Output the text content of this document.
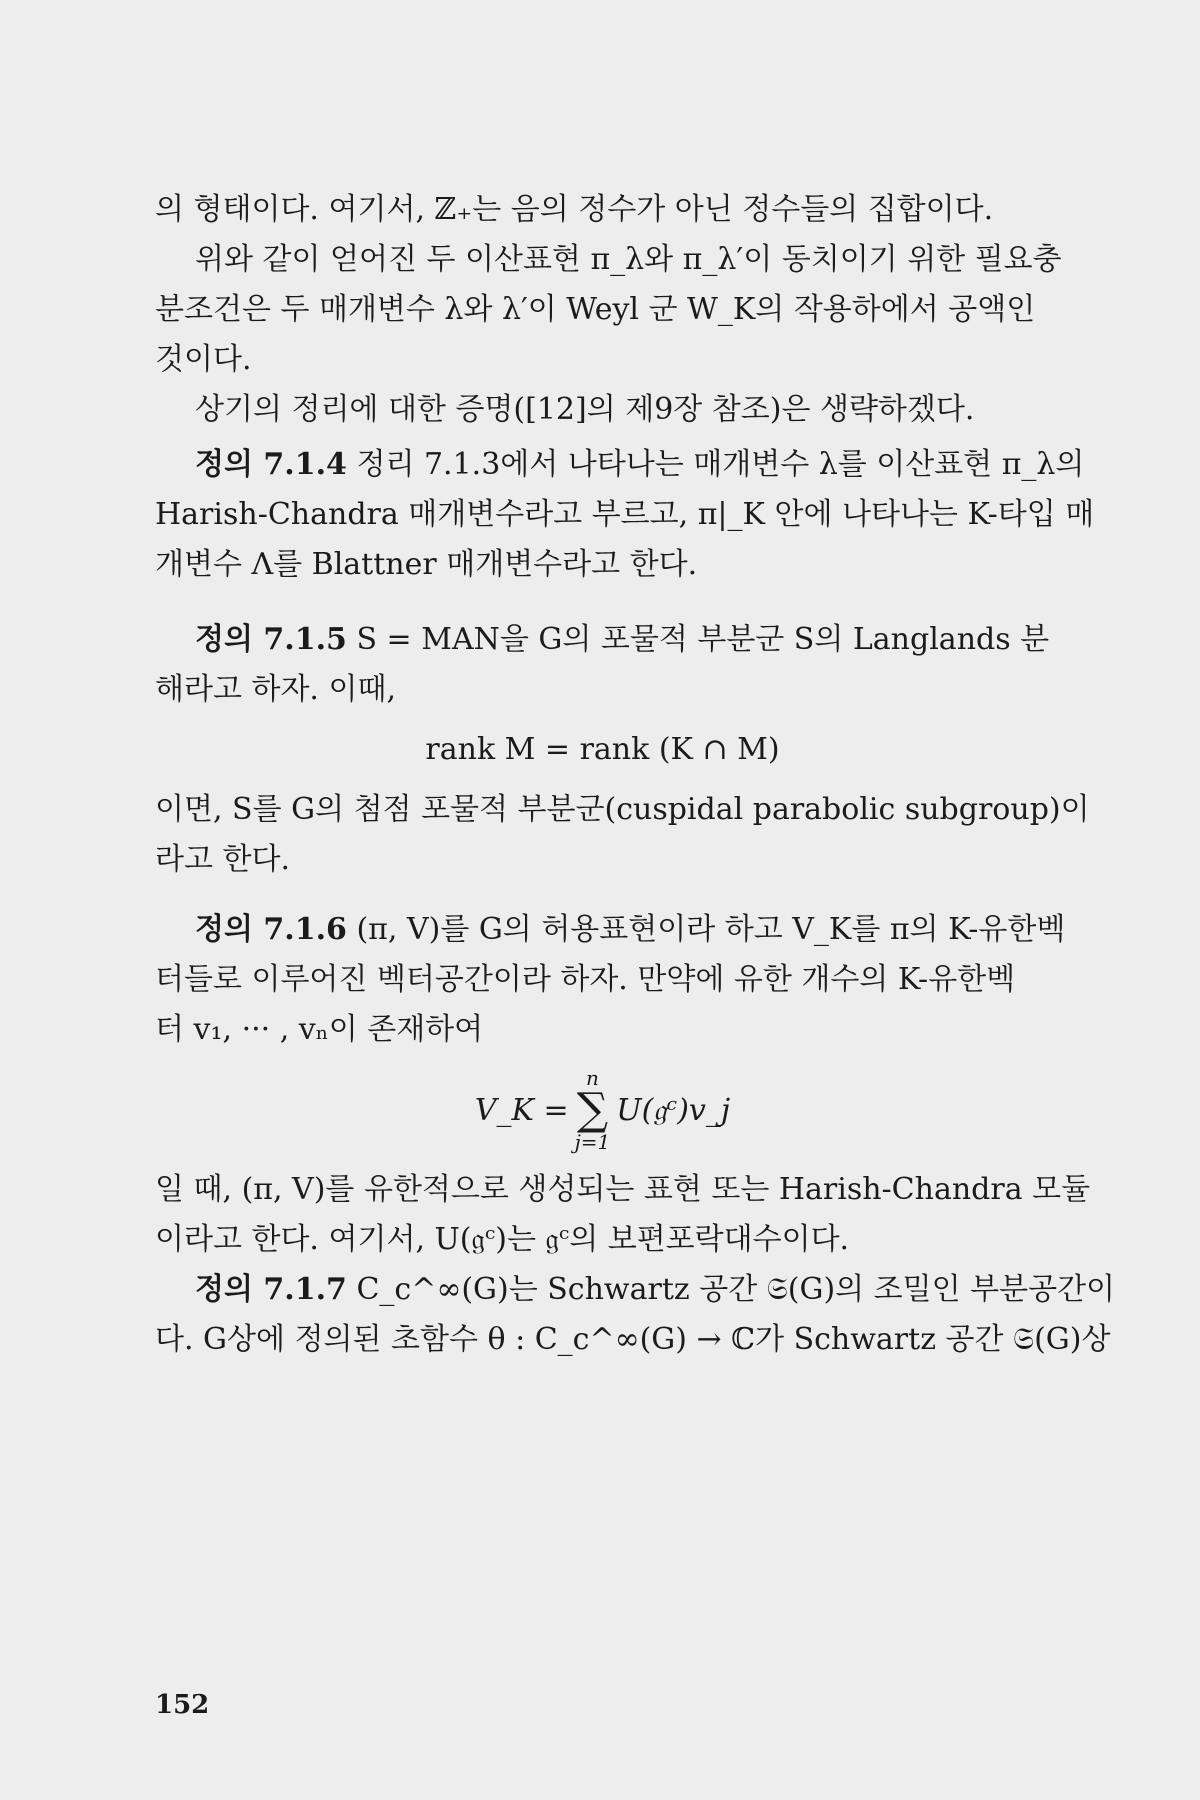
의 형태이다. 여기서, ℤ₊는 음의 정수가 아닌 정수들의 집합이다.
위와 같이 얻어진 두 이산표현 π_λ와 π_λ′이 동치이기 위한 필요충
분조건은 두 매개변수 λ와 λ′이 Weyl 군 W_K의 작용하에서 공액인
것이다.
상기의 정리에 대한 증명([12]의 제9장 참조)은 생략하겠다.
정의 7.1.4 정리 7.1.3에서 나타나는 매개변수 λ를 이산표현 π_λ의
Harish-Chandra 매개변수라고 부르고, π|_K 안에 나타나는 K-타입 매
개변수 Λ를 Blattner 매개변수라고 한다.
정의 7.1.5 S = MAN을 G의 포물적 부분군 S의 Langlands 분
해라고 하자. 이때,
rank M = rank (K ∩ M)
이면, S를 G의 첨점 포물적 부분군(cuspidal parabolic subgroup)이
라고 한다.
정의 7.1.6 (π, V)를 G의 허용표현이라 하고 V_K를 π의 K-유한벡
터들로 이루어진 벡터공간이라 하자. 만약에 유한 개수의 K-유한벡
터 v₁, ··· , vₙ이 존재하여
V_K =
n
∑
j=1
U(𝔤ᶜ)v_j
일 때, (π, V)를 유한적으로 생성되는 표현 또는 Harish-Chandra 모듈
이라고 한다. 여기서, U(𝔤ᶜ)는 𝔤ᶜ의 보편포락대수이다.
정의 7.1.7 C_c^∞(G)는 Schwartz 공간 𝔖(G)의 조밀인 부분공간이
다. G상에 정의된 초함수 θ : C_c^∞(G) → ℂ가 Schwartz 공간 𝔖(G)상
152
